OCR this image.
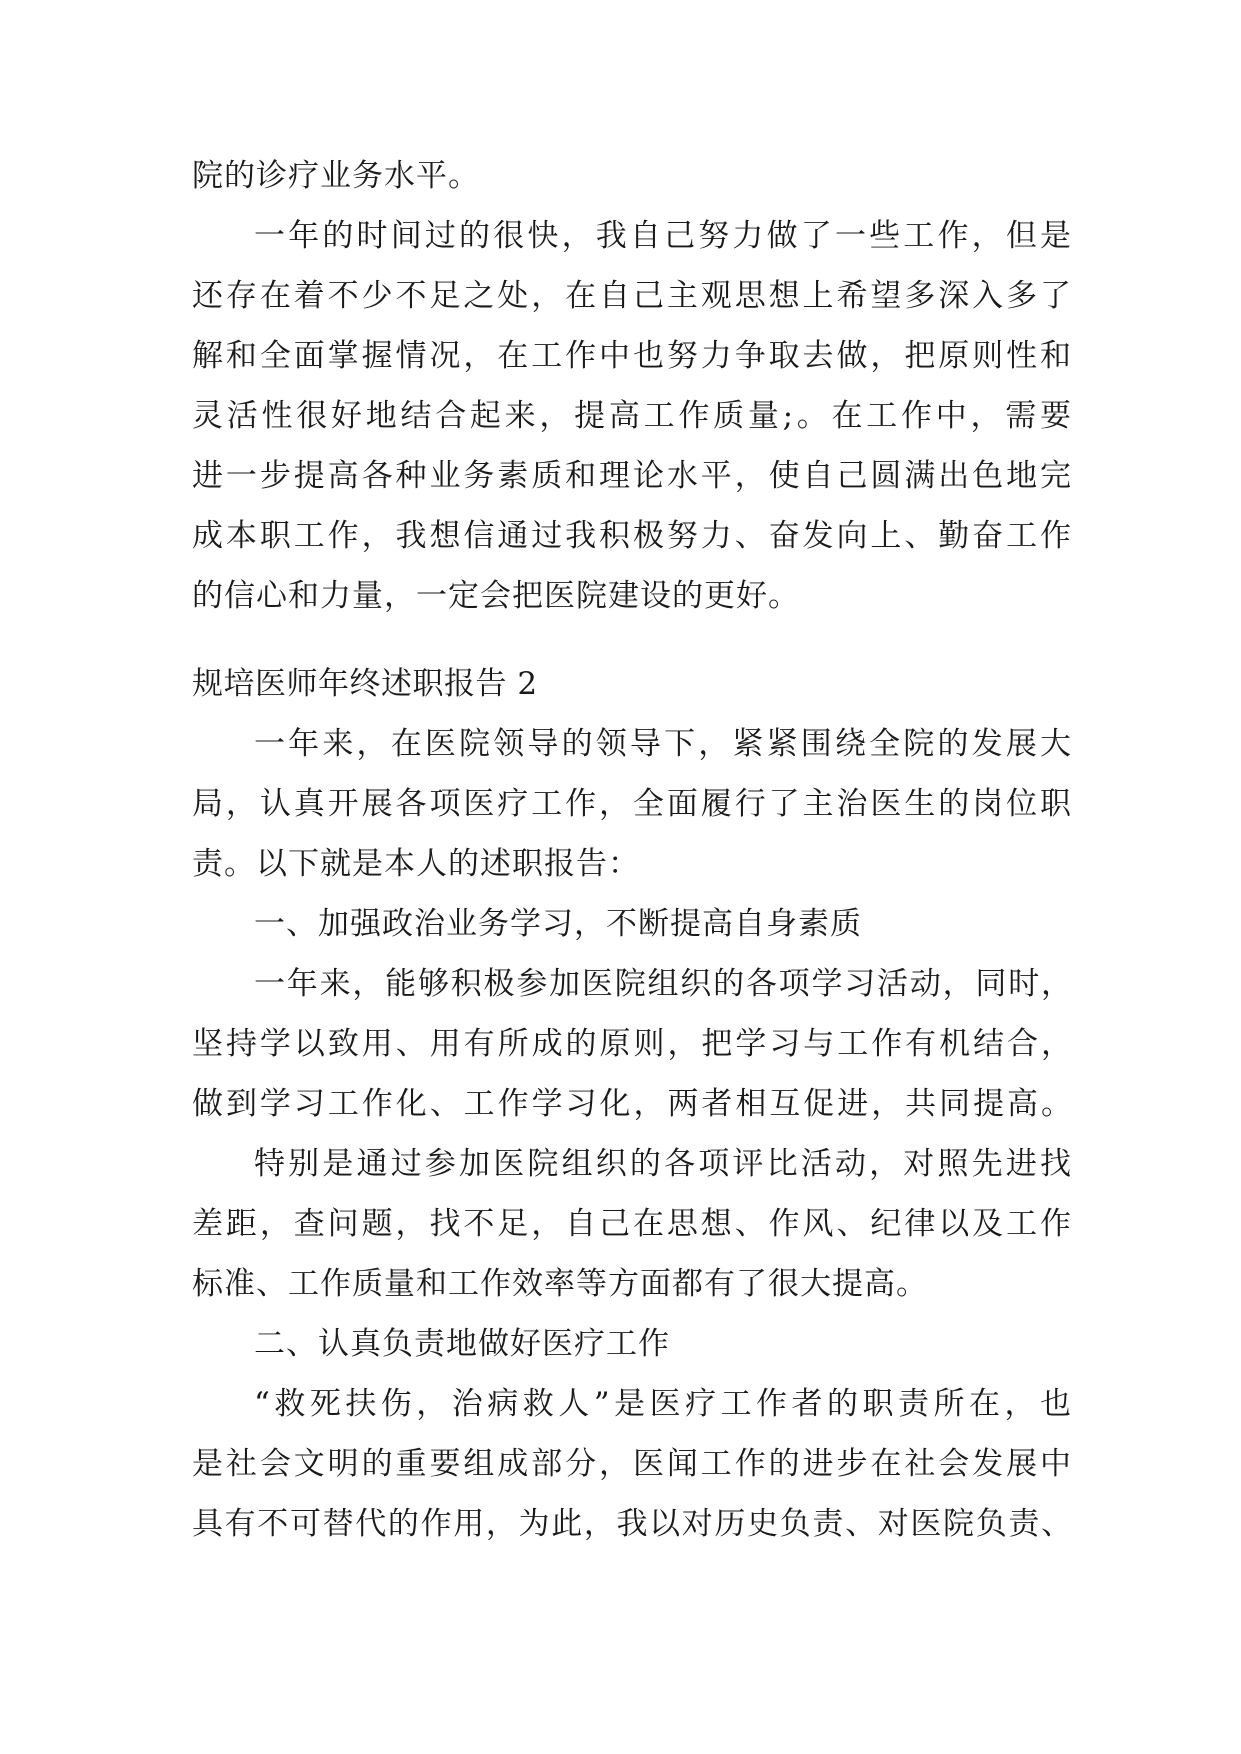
院的诊疗业务水平。
一年的时间过的很快，我自己努力做了一些工作，但是
还存在着不少不足之处，在自己主观思想上希望多深入多了
解和全面掌握情况，在工作中也努力争取去做，把原则性和
灵活性很好地结合起来，提高工作质量;。在工作中，需要
进一步提高各种业务素质和理论水平，使自己圆满出色地完
成本职工作，我想信通过我积极努力、奋发向上、勤奋工作
的信心和力量，一定会把医院建设的更好。
规培医师年终述职报告 2
一年来，在医院领导的领导下，紧紧围绕全院的发展大
局，认真开展各项医疗工作，全面履行了主治医生的岗位职
责。以下就是本人的述职报告：
一、加强政治业务学习，不断提高自身素质
一年来，能够积极参加医院组织的各项学习活动，同时，
坚持学以致用、用有所成的原则，把学习与工作有机结合，
做到学习工作化、工作学习化，两者相互促进，共同提高。
特别是通过参加医院组织的各项评比活动，对照先进找
差距，查问题，找不足，自己在思想、作风、纪律以及工作
标准、工作质量和工作效率等方面都有了很大提高。
二、认真负责地做好医疗工作
“救死扶伤，治病救人”是医疗工作者的职责所在，也
是社会文明的重要组成部分，医闻工作的进步在社会发展中
具有不可替代的作用，为此，我以对历史负责、对医院负责、
